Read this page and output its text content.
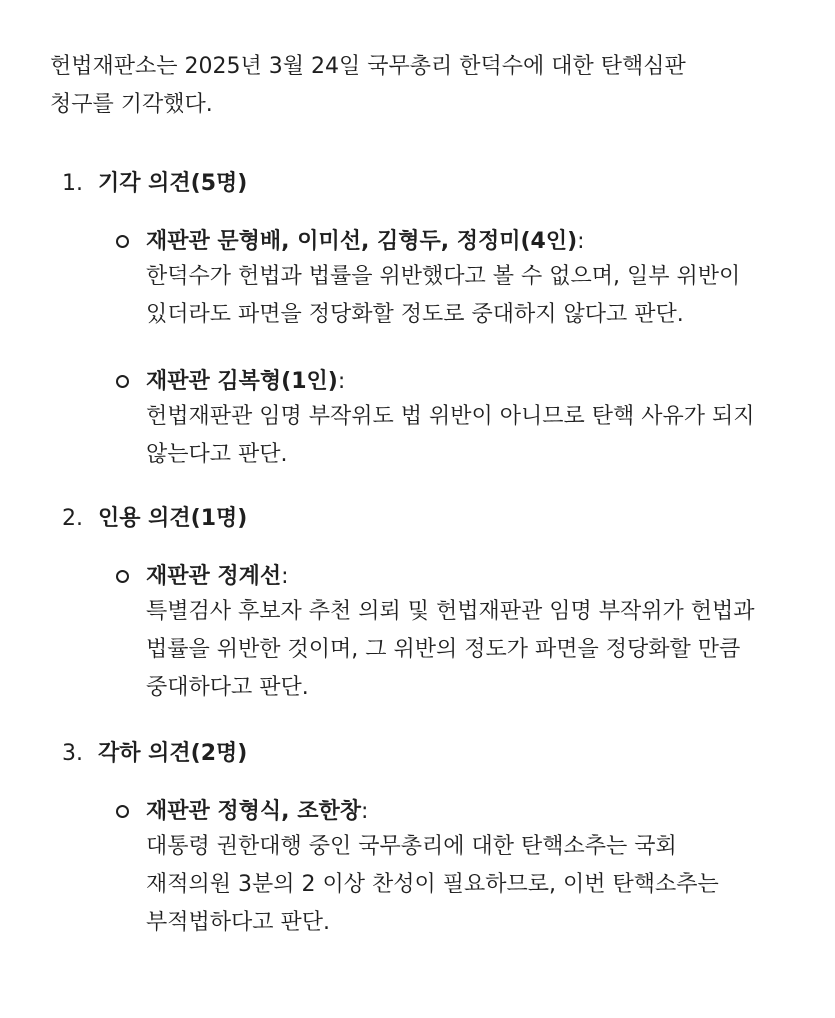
헌법재판소는 2025년 3월 24일 국무총리 한덕수에 대한 탄핵심판
청구를 기각했다.
1. 기각 의견(5명)
재판관 문형배, 이미선, 김형두, 정정미(4인):
한덕수가 헌법과 법률을 위반했다고 볼 수 없으며, 일부 위반이
있더라도 파면을 정당화할 정도로 중대하지 않다고 판단.
재판관 김복형(1인):
헌법재판관 임명 부작위도 법 위반이 아니므로 탄핵 사유가 되지
않는다고 판단.
2. 인용 의견(1명)
재판관 정계선:
특별검사 후보자 추천 의뢰 및 헌법재판관 임명 부작위가 헌법과
법률을 위반한 것이며, 그 위반의 정도가 파면을 정당화할 만큼
중대하다고 판단.
3. 각하 의견(2명)
재판관 정형식, 조한창:
대통령 권한대행 중인 국무총리에 대한 탄핵소추는 국회
재적의원 3분의 2 이상 찬성이 필요하므로, 이번 탄핵소추는
부적법하다고 판단.
